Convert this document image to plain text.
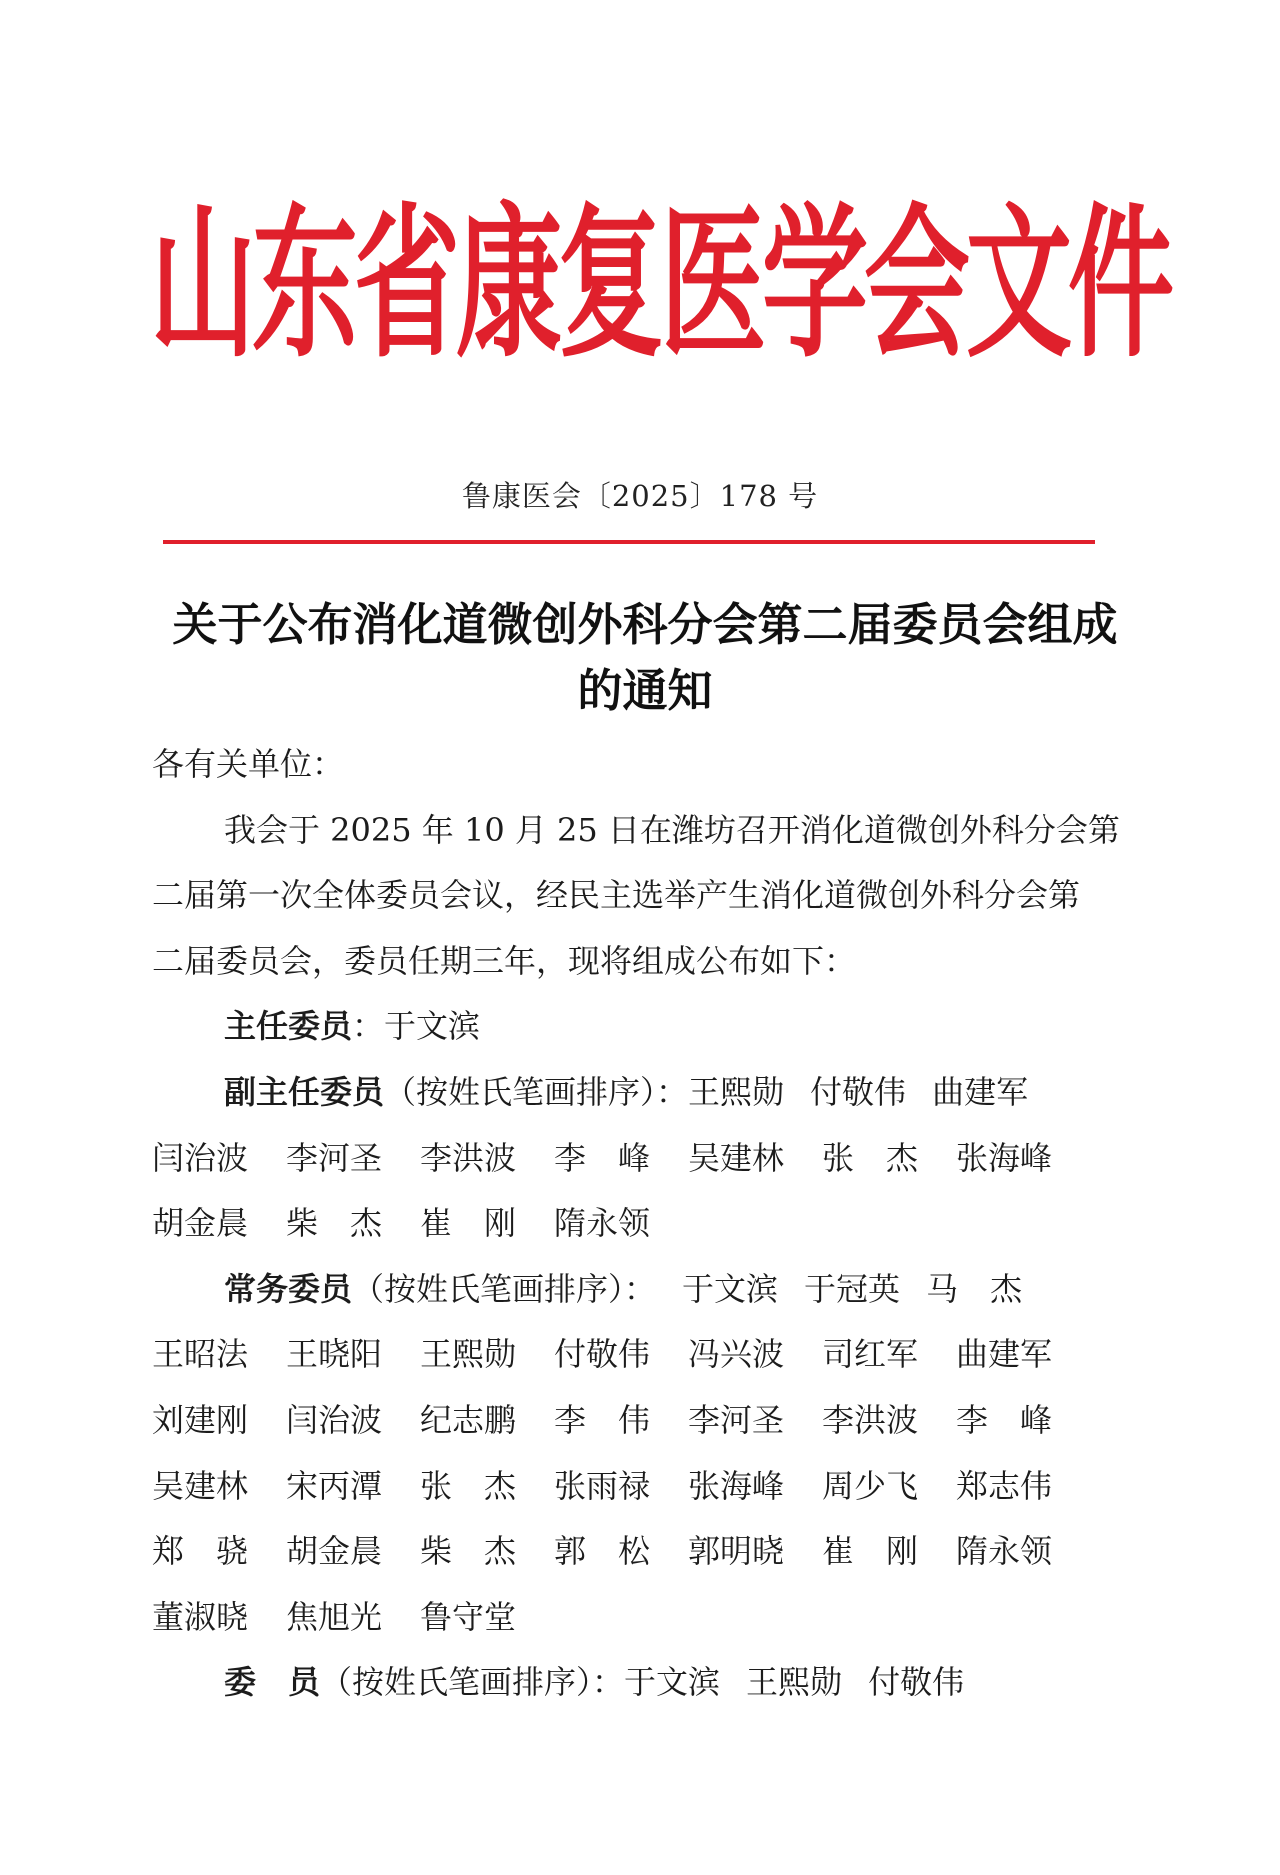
山东省康复医学会文件
鲁康医会〔2025〕178 号
关于公布消化道微创外科分会第二届委员会组成
的通知
各有关单位：
我会于 2025 年 10 月 25 日在潍坊召开消化道微创外科分会第
二届第一次全体委员会议，经民主选举产生消化道微创外科分会第
二届委员会，委员任期三年，现将组成公布如下：
主任委员：于文滨
副主任委员（按姓氏笔画排序）：王熙勋 付敬伟 曲建军
闫治波	李河圣	李洪波	李　峰	吴建林	张　杰	张海峰
胡金晨	柴　杰	崔　刚	隋永领
常务委员（按姓氏笔画排序）： 于文滨 于冠英 马　杰
王昭法	王晓阳	王熙勋	付敬伟	冯兴波	司红军	曲建军
刘建刚	闫治波	纪志鹏	李　伟	李河圣	李洪波	李　峰
吴建林	宋丙潭	张　杰	张雨禄	张海峰	周少飞	郑志伟
郑　骁	胡金晨	柴　杰	郭　松	郭明晓	崔　刚	隋永领
董淑晓	焦旭光	鲁守堂
委　员（按姓氏笔画排序）：于文滨 王熙勋 付敬伟
